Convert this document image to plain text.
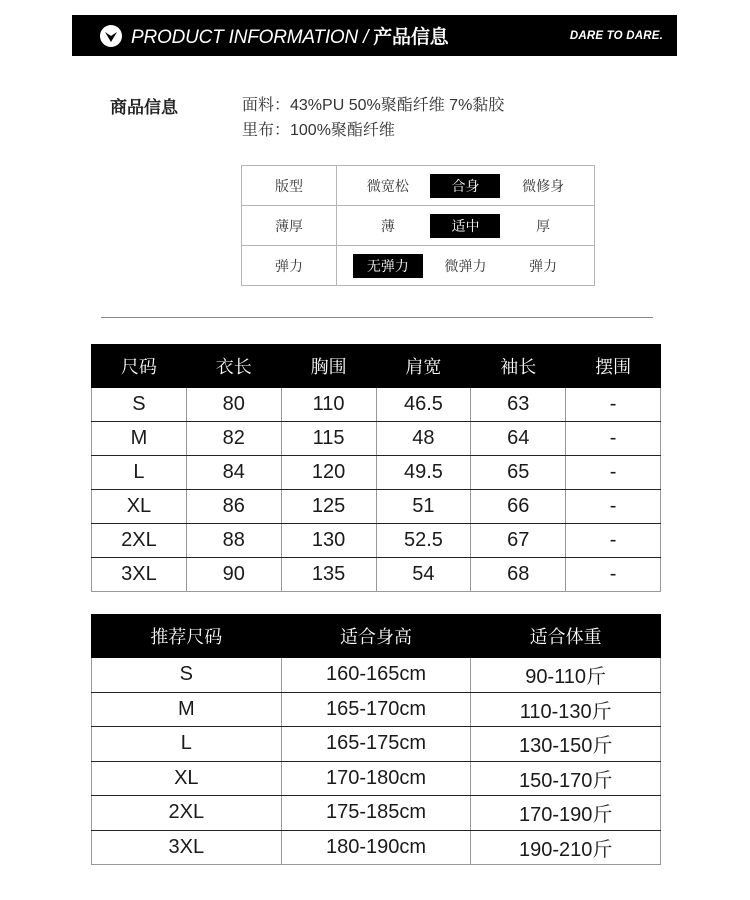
PRODUCT INFORMATION / 产品信息	DARE TO DARE.
商品信息	面料：43%PU 50%聚酯纤维 7%黏胶
里布：100%聚酯纤维
版型	微宽松 合身 微修身

薄厚	薄 适中 厚

弹力	无弹力 微弹力 弹力
尺码	衣长	胸围	肩宽	袖长	摆围
S	80	110	46.5	63	-
M	82	115	48	64	-
L	84	120	49.5	65	-
XL	86	125	51	66	-
2XL	88	130	52.5	67	-
3XL	90	135	54	68	-
推荐尺码	适合身高	适合体重
S	160-165cm	90-110斤
M	165-170cm	110-130斤
L	165-175cm	130-150斤
XL	170-180cm	150-170斤
2XL	175-185cm	170-190斤
3XL	180-190cm	190-210斤
